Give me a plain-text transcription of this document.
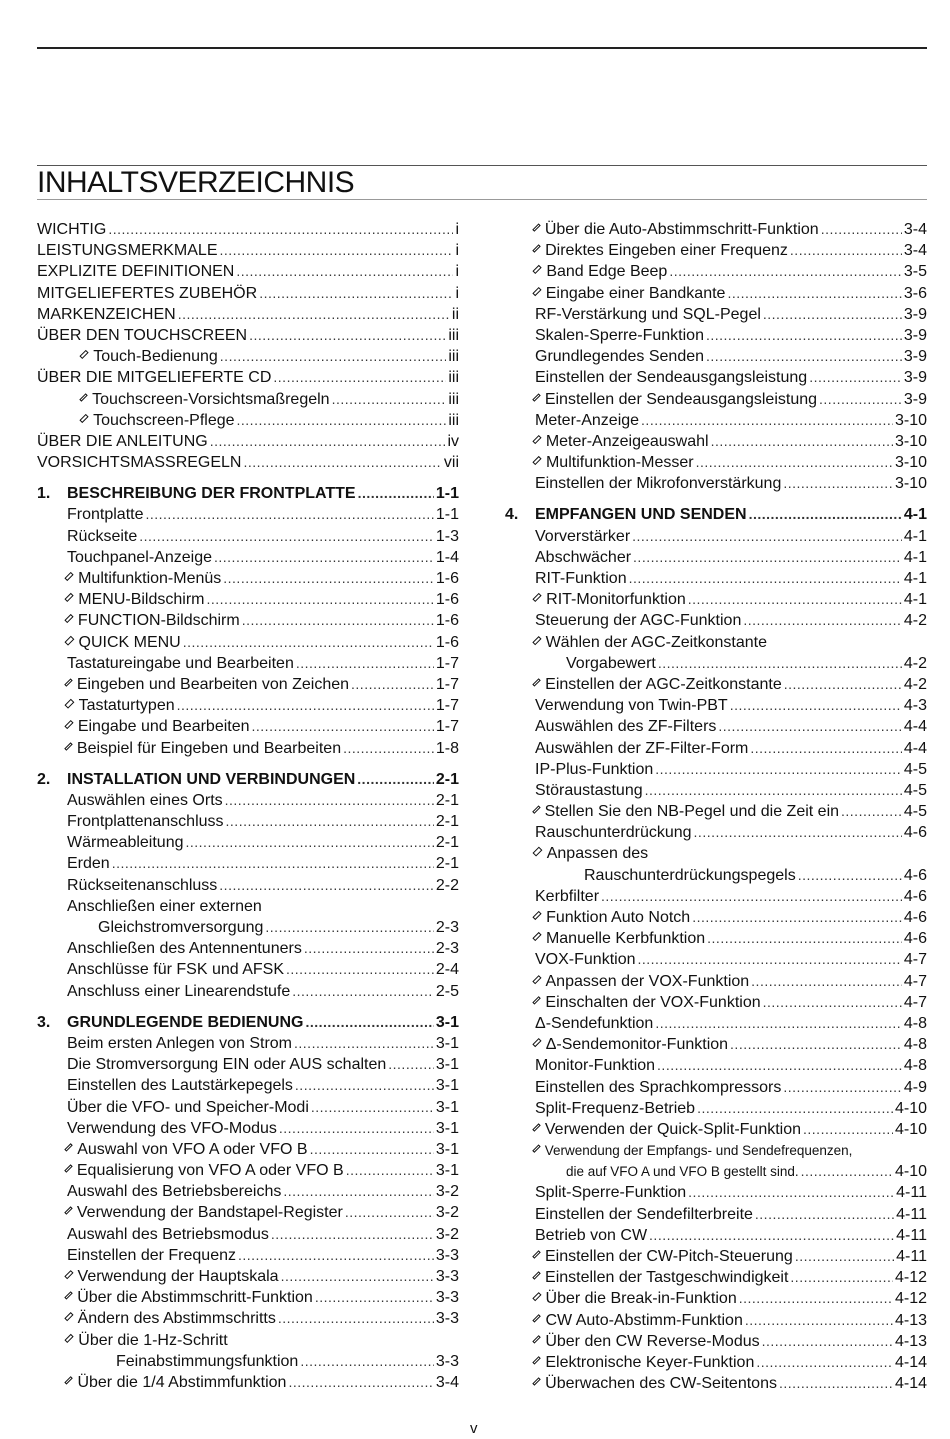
INHALTSVERZEICHNIS
WICHTIG .....	i
LEISTUNGSMERKMALE .....	i
EXPLIZITE DEFINITIONEN .....	i
MITGELIEFERTES ZUBEHÖR .....	i
MARKENZEICHEN .....	ii
ÜBER DEN TOUCHSCREEN .....	iii
Touch-Bedienung .....	iii
ÜBER DIE MITGELIEFERTE CD .....	iii
Touchscreen-Vorsichtsmaßregeln .....	iii
Touchscreen-Pflege .....	iii
ÜBER DIE ANLEITUNG .....	iv
VORSICHTSMASSREGELN .....	vii
1.	BESCHREIBUNG DER FRONTPLATTE .....	1-1
Frontplatte .....	1-1
Rückseite .....	1-3
Touchpanel-Anzeige .....	1-4
Multifunktion-Menüs .....	1-6
MENU-Bildschirm .....	1-6
FUNCTION-Bildschirm .....	1-6
QUICK MENU .....	1-6
Tastatureingabe und Bearbeiten .....	1-7
Eingeben und Bearbeiten von Zeichen .....	1-7
Tastaturtypen .....	1-7
Eingabe und Bearbeiten .....	1-7
Beispiel für Eingeben und Bearbeiten .....	1-8
2.	INSTALLATION UND VERBINDUNGEN .....	2-1
Auswählen eines Orts .....	2-1
Frontplattenanschluss .....	2-1
Wärmeableitung .....	2-1
Erden .....	2-1
Rückseitenanschluss .....	2-2
Anschließen einer externen
Gleichstromversorgung .....	2-3
Anschließen des Antennentuners .....	2-3
Anschlüsse für FSK und AFSK .....	2-4
Anschluss einer Linearendstufe .....	2-5
3.	GRUNDLEGENDE BEDIENUNG .....	3-1
Beim ersten Anlegen von Strom .....	3-1
Die Stromversorgung EIN oder AUS schalten .....	3-1
Einstellen des Lautstärkepegels .....	3-1
Über die VFO- und Speicher-Modi .....	3-1
Verwendung des VFO-Modus .....	3-1
Auswahl von VFO A oder VFO B .....	3-1
Equalisierung von VFO A oder VFO B .....	3-1
Auswahl des Betriebsbereichs .....	3-2
Verwendung der Bandstapel-Register .....	3-2
Auswahl des Betriebsmodus .....	3-2
Einstellen der Frequenz .....	3-3
Verwendung der Hauptskala .....	3-3
Über die Abstimmschritt-Funktion .....	3-3
Ändern des Abstimmschritts .....	3-3
Über die 1-Hz-Schritt
Feinabstimmungsfunktion .....	3-3
Über die 1/4 Abstimmfunktion .....	3-4
Über die Auto-Abstimmschritt-Funktion .....	3-4
Direktes Eingeben einer Frequenz .....	3-4
Band Edge Beep .....	3-5
Eingabe einer Bandkante .....	3-6
RF-Verstärkung und SQL-Pegel .....	3-9
Skalen-Sperre-Funktion .....	3-9
Grundlegendes Senden .....	3-9
Einstellen der Sendeausgangsleistung .....	3-9
Einstellen der Sendeausgangsleistung .....	3-9
Meter-Anzeige .....	3-10
Meter-Anzeigeauswahl .....	3-10
Multifunktion-Messer .....	3-10
Einstellen der Mikrofonverstärkung .....	3-10
4.	EMPFANGEN UND SENDEN .....	4-1
Vorverstärker .....	4-1
Abschwächer .....	4-1
RIT-Funktion .....	4-1
RIT-Monitorfunktion .....	4-1
Steuerung der AGC-Funktion .....	4-2
Wählen der AGC-Zeitkonstante
Vorgabewert .....	4-2
Einstellen der AGC-Zeitkonstante .....	4-2
Verwendung von Twin-PBT .....	4-3
Auswählen des ZF-Filters .....	4-4
Auswählen der ZF-Filter-Form .....	4-4
IP-Plus-Funktion .....	4-5
Störaustastung .....	4-5
Stellen Sie den NB-Pegel und die Zeit ein .....	4-5
Rauschunterdrückung .....	4-6
Anpassen des
Rauschunterdrückungspegels .....	4-6
Kerbfilter .....	4-6
Funktion Auto Notch .....	4-6
Manuelle Kerbfunktion .....	4-6
VOX-Funktion .....	4-7
Anpassen der VOX-Funktion .....	4-7
Einschalten der VOX-Funktion .....	4-7
Δ-Sendefunktion .....	4-8
Δ-Sendemonitor-Funktion .....	4-8
Monitor-Funktion .....	4-8
Einstellen des Sprachkompressors .....	4-9
Split-Frequenz-Betrieb .....	4-10
Verwenden der Quick-Split-Funktion .....	4-10
Verwendung der Empfangs- und Sendefrequenzen,
die auf VFO A und VFO B gestellt sind. .....	4-10
Split-Sperre-Funktion .....	4-11
Einstellen der Sendefilterbreite .....	4-11
Betrieb von CW .....	4-11
Einstellen der CW-Pitch-Steuerung .....	4-11
Einstellen der Tastgeschwindigkeit .....	4-12
Über die Break-in-Funktion .....	4-12
CW Auto-Abstimm-Funktion .....	4-13
Über den CW Reverse-Modus .....	4-13
Elektronische Keyer-Funktion .....	4-14
Überwachen des CW-Seitentons .....	4-14
v
